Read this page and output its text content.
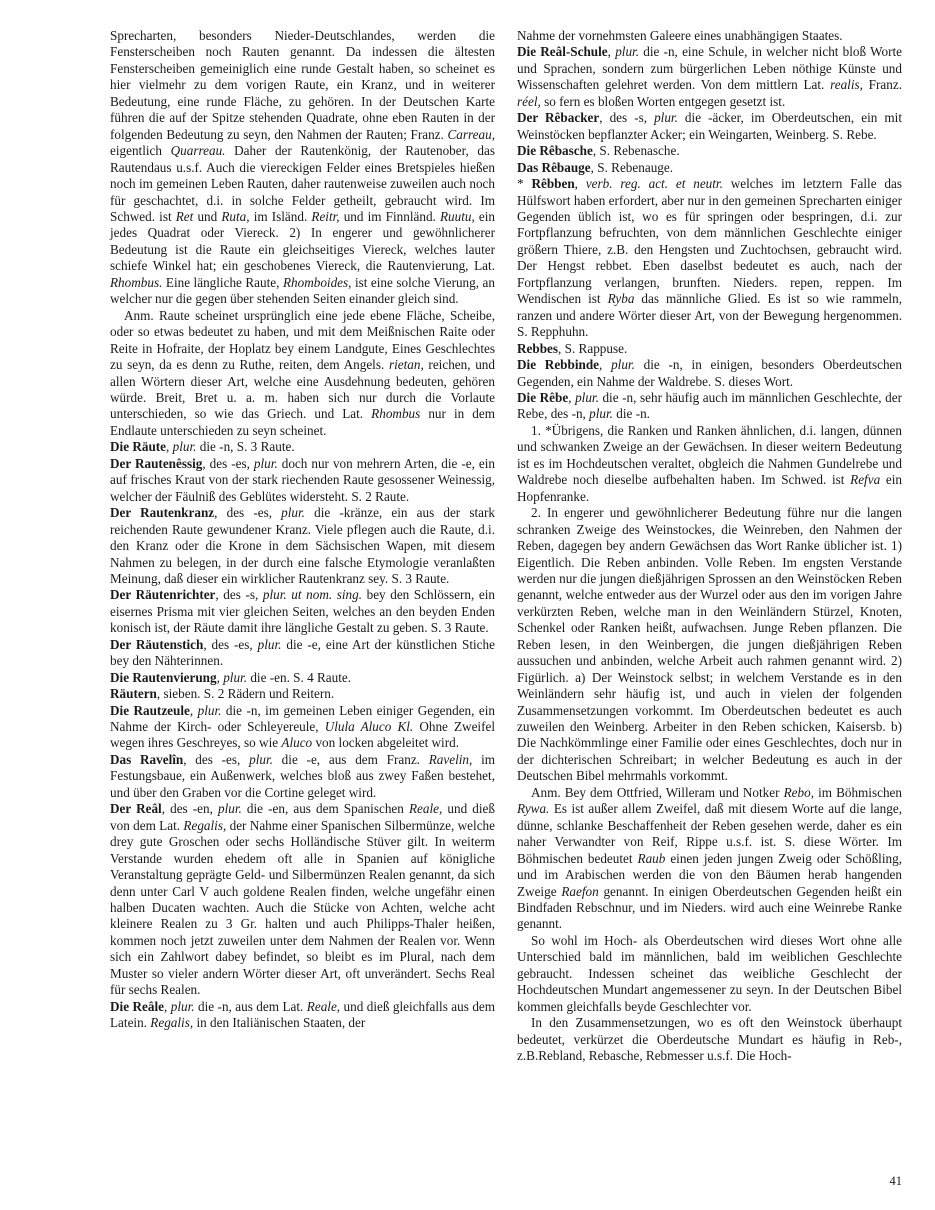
Sprecharten, besonders Nieder-Deutschlandes, werden die Fensterscheiben noch Rauten genannt. Da indessen die ältesten Fensterscheiben gemeiniglich eine runde Gestalt haben, so scheinet es hier vielmehr zu dem vorigen Raute, ein Kranz, und in weiterer Bedeutung, eine runde Fläche, zu gehören. In der Deutschen Karte führen die auf der Spitze stehenden Quadrate, ohne eben Rauten in der folgenden Bedeutung zu seyn, den Nahmen der Rauten; Franz. Carreau, eigentlich Quarreau. Daher der Rautenkönig, der Rautenober, das Rautendaus u.s.f. Auch die viereckigen Felder eines Bretspieles hießen noch im gemeinen Leben Rauten, daher rautenweise zuweilen auch noch für geschachtet, d.i. in solche Felder getheilt, gebraucht wird. Im Schwed. ist Ret und Ruta, im Isländ. Reitr, und im Finnländ. Ruutu, ein jedes Quadrat oder Viereck. 2) In engerer und gewöhnlicherer Bedeutung ist die Raute ein gleichseitiges Viereck, welches lauter schiefe Winkel hat; ein geschobenes Viereck, die Rautenvierung, Lat. Rhombus. Eine längliche Raute, Rhomboides, ist eine solche Vierung, an welcher nur die gegen über stehenden Seiten einander gleich sind.

Anm. Raute scheinet ursprünglich eine jede ebene Fläche, Scheibe, oder so etwas bedeutet zu haben, und mit dem Meißnischen Raite oder Reite in Hofraite, der Hoplatz bey einem Landgute, Eines Geschlechtes zu seyn, da es denn zu Ruthe, reiten, dem Angels. rietan, reichen, und allen Wörtern dieser Art, welche eine Ausdehnung bedeuten, gehören würde. Breit, Bret u. a. m. haben sich nur durch die Vorlaute unterschieden, so wie das Griech. und Lat. Rhombus nur in dem Endlaute unterschieden zu seyn scheinet.

Die Räute, plur. die -n, S. 3 Raute.

Der Rautenêssig, des -es, plur. doch nur von mehrern Arten, die -e, ein auf frisches Kraut von der stark riechenden Raute gesossener Weinessig, welcher der Fäulniß des Geblütes widersteht. S. 2 Raute.

Der Rautenkranz, des -es, plur. die -kränze, ein aus der stark reichenden Raute gewundener Kranz. Viele pflegen auch die Raute, d.i. den Kranz oder die Krone in dem Sächsischen Wapen, mit diesem Nahmen zu belegen, in der durch eine falsche Etymologie veranlaßten Meinung, daß dieser ein wirklicher Rautenkranz sey. S. 3 Raute.

Der Räutenrichter, des -s, plur. ut nom. sing. bey den Schlössern, ein eisernes Prisma mit vier gleichen Seiten, welches an den beyden Enden konisch ist, der Räute damit ihre längliche Gestalt zu geben. S. 3 Raute.

Der Räutenstich, des -es, plur. die -e, eine Art der künstlichen Stiche bey den Nähterinnen.

Die Rautenvierung, plur. die -en. S. 4 Raute.

Räutern, sieben. S. 2 Rädern und Reitern.

Die Rautzeule, plur. die -n, im gemeinen Leben einiger Gegenden, ein Nahme der Kirch- oder Schleyereule, Ulula Aluco Kl. Ohne Zweifel wegen ihres Geschreyes, so wie Aluco von locken abgeleitet wird.

Das Ravelîn, des -es, plur. die -e, aus dem Franz. Ravelin, im Festungsbaue, ein Außenwerk, welches bloß aus zwey Faßen bestehet, und über den Graben vor die Cortine geleget wird.

Der Reâl, des -en, plur. die -en, aus dem Spanischen Reale, und dieß von dem Lat. Regalis, der Nahme einer Spanischen Silbermünze, welche drey gute Groschen oder sechs Holländische Stüver gilt. In weiterm Verstande wurden ehedem oft alle in Spanien auf königliche Veranstaltung geprägte Geld- und Silbermünzen Realen genannt, da sich denn unter Carl V auch goldene Realen finden, welche ungefähr einen halben Ducaten wachten. Auch die Stücke von Achten, welche acht kleinere Realen zu 3 Gr. halten und auch Philipps-Thaler heißen, kommen noch jetzt zuweilen unter dem Nahmen der Realen vor. Wenn sich ein Zahlwort dabey befindet, so bleibt es im Plural, nach dem Muster so vieler andern Wörter dieser Art, oft unverändert. Sechs Real für sechs Realen.

Die Reâle, plur. die -n, aus dem Lat. Reale, und dieß gleichfalls aus dem Latein. Regalis, in den Italiänischen Staaten, der

Nahme der vornehmsten Galeere eines unabhängigen Staates.

Die Reâl-Schule, plur. die -n, eine Schule, in welcher nicht bloß Worte und Sprachen, sondern zum bürgerlichen Leben nöthige Künste und Wissenschaften gelehret werden. Von dem mittlern Lat. realis, Franz. réel, so fern es bloßen Worten entgegen gesetzt ist.

Der Rêbacker, des -s, plur. die -äcker, im Oberdeutschen, ein mit Weinstöcken bepflanzter Acker; ein Weingarten, Weinberg. S. Rebe.

Die Rêbasche, S. Rebenasche.

Das Rêbauge, S. Rebenauge.

* Rêbben, verb. reg. act. et neutr. welches im letztern Falle das Hülfswort haben erfordert, aber nur in den gemeinen Sprecharten einiger Gegenden üblich ist, wo es für springen oder bespringen, d.i. zur Fortpflanzung befruchten, von dem männlichen Geschlechte einiger größern Thiere, z.B. den Hengsten und Zuchtochsen, gebraucht wird. Der Hengst rebbet. Eben daselbst bedeutet es auch, nach der Fortpflanzung verlangen, brunften. Nieders. repen, reppen. Im Wendischen ist Ryba das männliche Glied. Es ist so wie rammeln, ranzen und andere Wörter dieser Art, von der Bewegung hergenommen. S. Repphuhn.

Rebbes, S. Rappuse.

Die Rebbinde, plur. die -n, in einigen, besonders Oberdeutschen Gegenden, ein Nahme der Waldrebe. S. dieses Wort.

Die Rêbe, plur. die -n, sehr häufig auch im männlichen Geschlechte, der Rebe, des -n, plur. die -n.

1. *Übrigens, die Ranken und Ranken ähnlichen, d.i. langen, dünnen und schwanken Zweige an der Gewächsen. In dieser weitern Bedeutung ist es im Hochdeutschen veraltet, obgleich die Nahmen Gundelrebe und Waldrebe noch dieselbe aufbehalten haben. Im Schwed. ist Refva ein Hopfenranke.

2. In engerer und gewöhnlicherer Bedeutung führe nur die langen schranken Zweige des Weinstockes, die Weinreben, den Nahmen der Reben, dagegen bey andern Gewächsen das Wort Ranke üblicher ist. 1) Eigentlich. Die Reben anbinden. Volle Reben. Im engsten Verstande werden nur die jungen dießjährigen Sprossen an den Weinstöcken Reben genannt, welche entweder aus der Wurzel oder aus den im vorigen Jahre verkürzten Reben, welche man in den Weinländern Stürzel, Knoten, Schenkel oder Ranken heißt, aufwachsen. Junge Reben pflanzen. Die Reben lesen, in den Weinbergen, die jungen dießjährigen Reben aussuchen und anbinden, welche Arbeit auch rahmen genannt wird. 2) Figürlich. a) Der Weinstock selbst; in welchem Verstande es in den Weinländern sehr häufig ist, und auch in vielen der folgenden Zusammensetzungen vorkommt. Im Oberdeutschen bedeutet es auch zuweilen den Weinberg. Arbeiter in den Reben schicken, Kaisersb. b) Die Nachkömmlinge einer Familie oder eines Geschlechtes, doch nur in der dichterischen Schreibart; in welcher Bedeutung es auch in der Deutschen Bibel mehrmahls vorkommt.

Anm. Bey dem Ottfried, Willeram und Notker Rebo, im Böhmischen Rywa. Es ist außer allem Zweifel, daß mit diesem Worte auf die lange, dünne, schlanke Beschaffenheit der Reben gesehen werde, daher es ein naher Verwandter von Reif, Rippe u.s.f. ist. S. diese Wörter. Im Böhmischen bedeutet Raub einen jeden jungen Zweig oder Schößling, und im Arabischen werden die von den Bäumen herab hangenden Zweige Raefon genannt. In einigen Oberdeutschen Gegenden heißt ein Bindfaden Rebschnur, und im Nieders. wird auch eine Weinrebe Ranke genannt.

So wohl im Hoch- als Oberdeutschen wird dieses Wort ohne alle Unterschied bald im männlichen, bald im weiblichen Geschlechte gebraucht. Indessen scheinet das weibliche Geschlecht der Hochdeutschen Mundart angemessener zu seyn. In der Deutschen Bibel kommen gleichfalls beyde Geschlechter vor.

In den Zusammensetzungen, wo es oft den Weinstock überhaupt bedeutet, verkürzet die Oberdeutsche Mundart es häufig in Reb-, z.B.Rebland, Rebasche, Rebmesser u.s.f. Die Hoch-

41
